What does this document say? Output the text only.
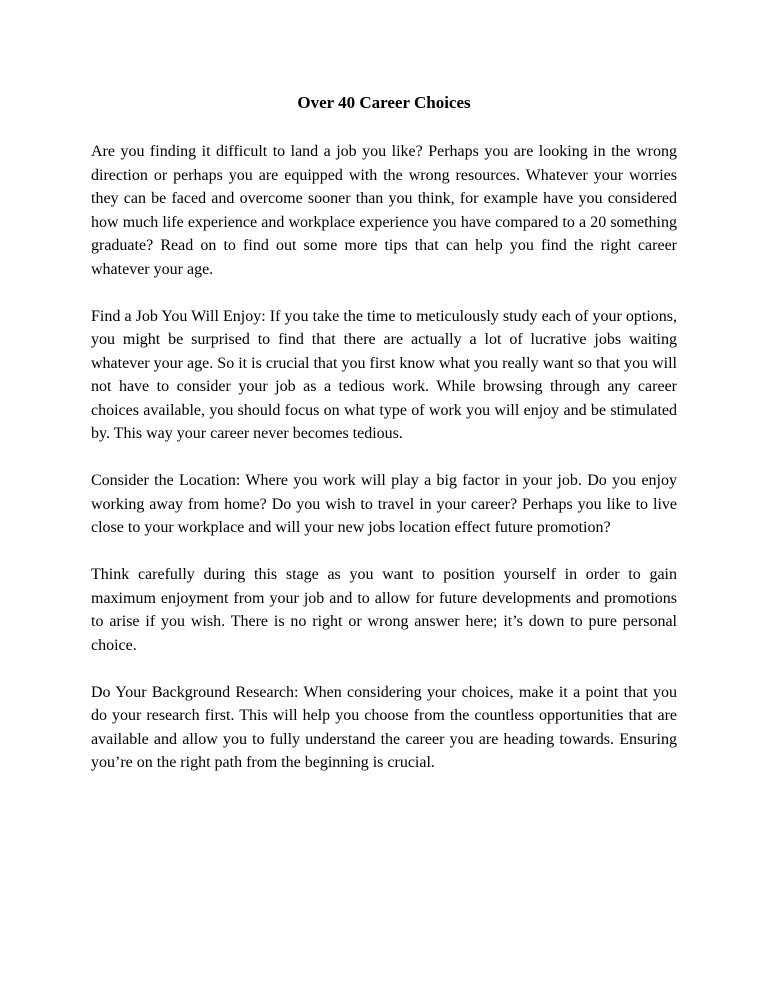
Over 40 Career Choices

Are you finding it difficult to land a job you like? Perhaps you are looking in the wrong direction or perhaps you are equipped with the wrong resources. Whatever your worries they can be faced and overcome sooner than you think, for example have you considered how much life experience and workplace experience you have compared to a 20 something graduate? Read on to find out some more tips that can help you find the right career whatever your age.

Find a Job You Will Enjoy: If you take the time to meticulously study each of your options, you might be surprised to find that there are actually a lot of lucrative jobs waiting whatever your age. So it is crucial that you first know what you really want so that you will not have to consider your job as a tedious work. While browsing through any career choices available, you should focus on what type of work you will enjoy and be stimulated by. This way your career never becomes tedious.

Consider the Location: Where you work will play a big factor in your job. Do you enjoy working away from home? Do you wish to travel in your career? Perhaps you like to live close to your workplace and will your new jobs location effect future promotion?

Think carefully during this stage as you want to position yourself in order to gain maximum enjoyment from your job and to allow for future developments and promotions to arise if you wish. There is no right or wrong answer here; it’s down to pure personal choice.

Do Your Background Research: When considering your choices, make it a point that you do your research first. This will help you choose from the countless opportunities that are available and allow you to fully understand the career you are heading towards. Ensuring you’re on the right path from the beginning is crucial.
